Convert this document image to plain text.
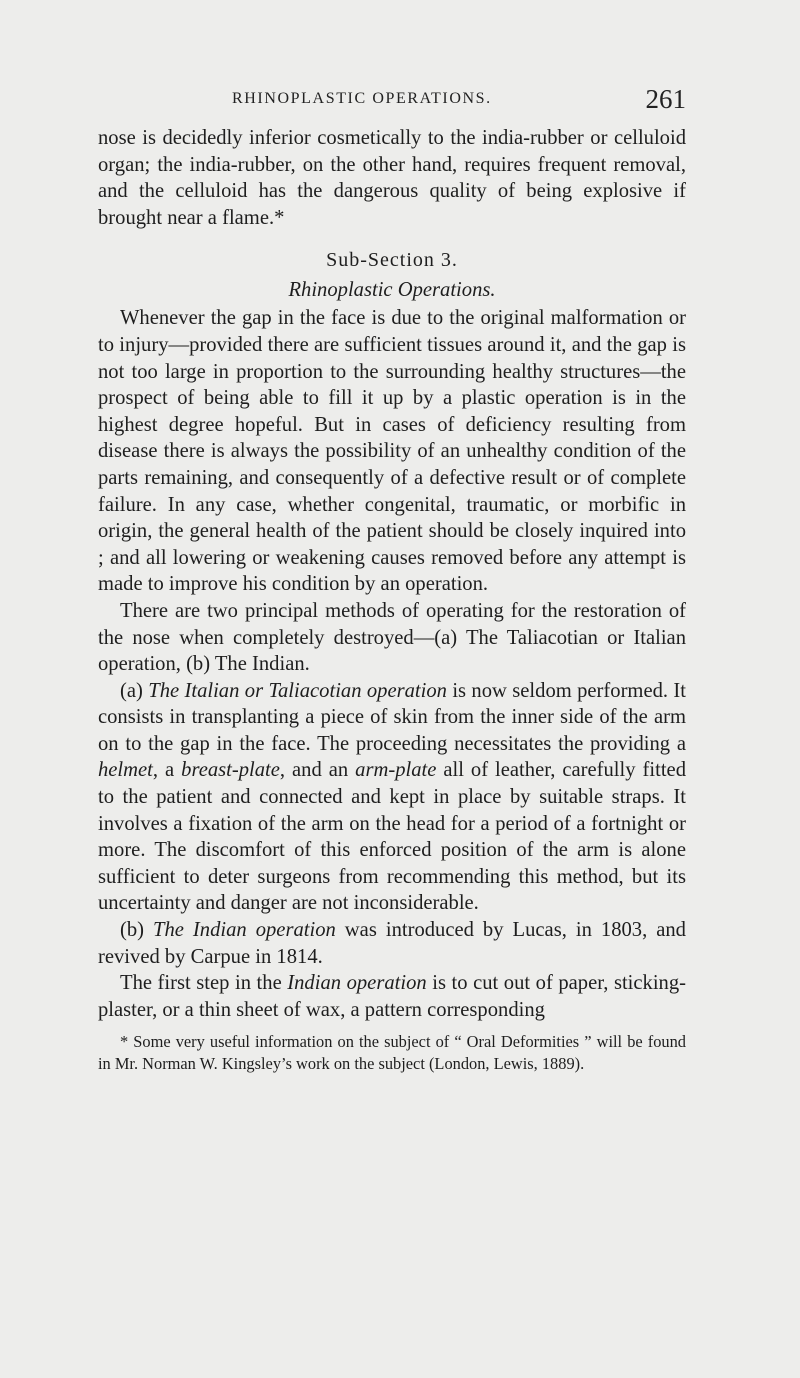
RHINOPLASTIC OPERATIONS.	261

nose is decidedly inferior cosmetically to the india-rubber or celluloid organ; the india-rubber, on the other hand, requires frequent removal, and the celluloid has the dangerous quality of being explosive if brought near a flame.*

Sub-Section 3.
Rhinoplastic Operations.

Whenever the gap in the face is due to the original malformation or to injury—provided there are sufficient tissues around it, and the gap is not too large in proportion to the surrounding healthy structures—the prospect of being able to fill it up by a plastic operation is in the highest degree hopeful. But in cases of deficiency resulting from disease there is always the possibility of an unhealthy condition of the parts remaining, and consequently of a defective result or of complete failure. In any case, whether congenital, traumatic, or morbific in origin, the general health of the patient should be closely inquired into ; and all lowering or weakening causes removed before any attempt is made to improve his condition by an operation.

There are two principal methods of operating for the restoration of the nose when completely destroyed—(a) The Taliacotian or Italian operation, (b) The Indian.

(a) The Italian or Taliacotian operation is now seldom performed. It consists in transplanting a piece of skin from the inner side of the arm on to the gap in the face. The proceeding necessitates the providing a helmet, a breast-plate, and an arm-plate all of leather, carefully fitted to the patient and connected and kept in place by suitable straps. It involves a fixation of the arm on the head for a period of a fortnight or more. The discomfort of this enforced position of the arm is alone sufficient to deter surgeons from recommending this method, but its uncertainty and danger are not inconsiderable.

(b) The Indian operation was introduced by Lucas, in 1803, and revived by Carpue in 1814.

The first step in the Indian operation is to cut out of paper, sticking-plaster, or a thin sheet of wax, a pattern corresponding

* Some very useful information on the subject of “ Oral Deformities ” will be found in Mr. Norman W. Kingsley’s work on the subject (London, Lewis, 1889).
